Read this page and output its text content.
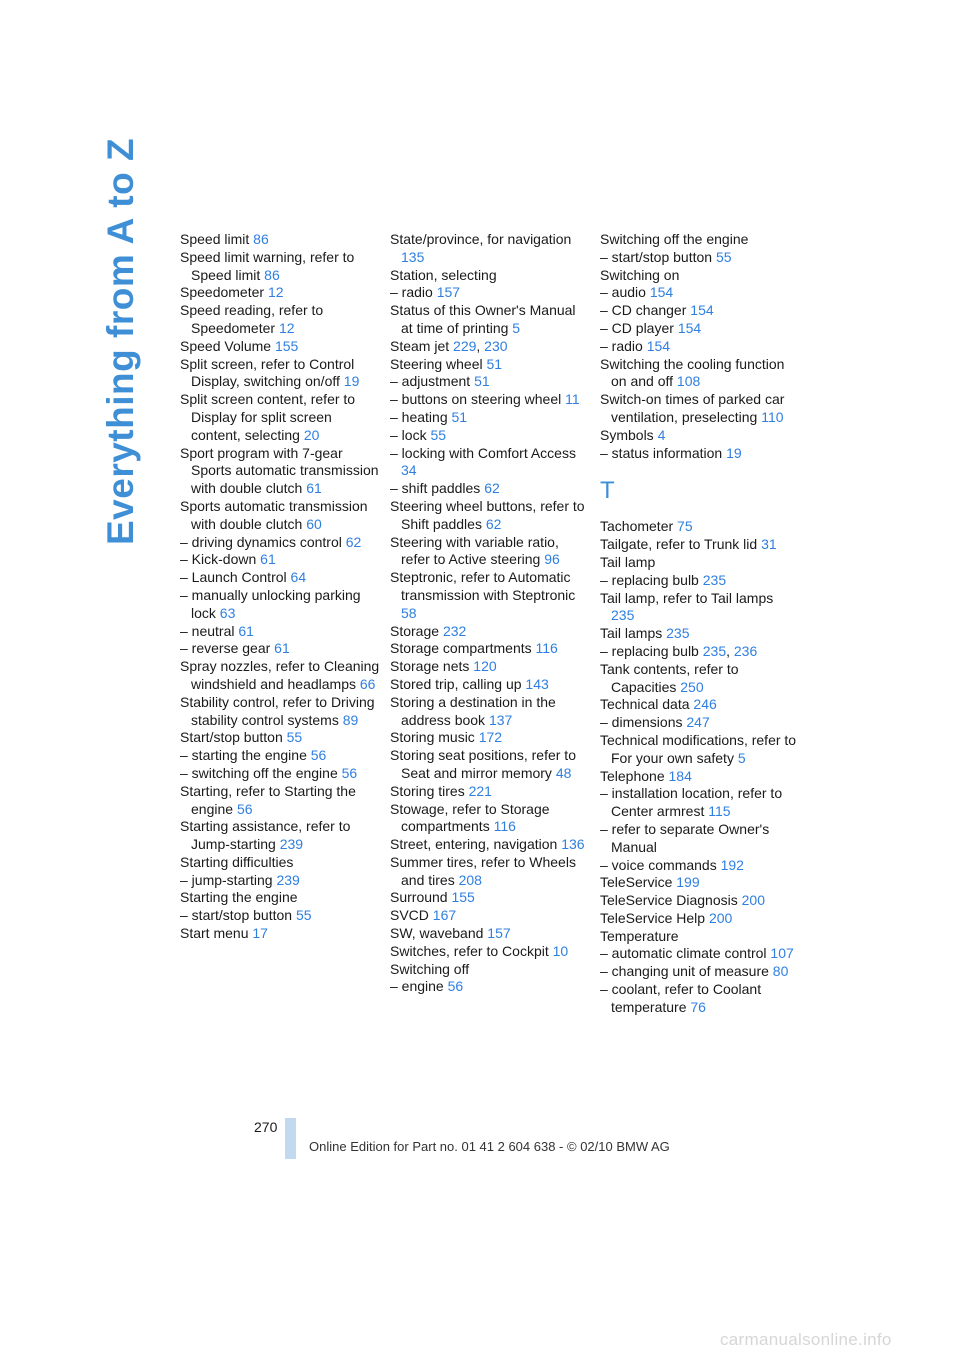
Everything from A to Z	Speed limit 86
Speed limit warning, refer to Speed limit 86
Speedometer 12
Speed reading, refer to Speedometer 12
Speed Volume 155
Split screen, refer to Control Display, switching on/off 19
Split screen content, refer to Display for split screen content, selecting 20
Sport program with 7-gear Sports automatic transmission with double clutch 61
Sports automatic transmission with double clutch 60
– driving dynamics control 62
– Kick-down 61
– Launch Control 64
– manually unlocking parking lock 63
– neutral 61
– reverse gear 61
Spray nozzles, refer to Cleaning windshield and headlamps 66
Stability control, refer to Driving stability control systems 89
Start/stop button 55
– starting the engine 56
– switching off the engine 56
Starting, refer to Starting the engine 56
Starting assistance, refer to Jump-starting 239
Starting difficulties
– jump-starting 239
Starting the engine
– start/stop button 55
Start menu 17
State/province, for navigation 135
Station, selecting
– radio 157
Status of this Owner's Manual at time of printing 5
Steam jet 229, 230
Steering wheel 51
– adjustment 51
– buttons on steering wheel 11
– heating 51
– lock 55
– locking with Comfort Access 34
– shift paddles 62
Steering wheel buttons, refer to Shift paddles 62
Steering with variable ratio, refer to Active steering 96
Steptronic, refer to Automatic transmission with Steptronic 58
Storage 232
Storage compartments 116
Storage nets 120
Stored trip, calling up 143
Storing a destination in the address book 137
Storing music 172
Storing seat positions, refer to Seat and mirror memory 48
Storing tires 221
Stowage, refer to Storage compartments 116
Street, entering, navigation 136
Summer tires, refer to Wheels and tires 208
Surround 155
SVCD 167
SW, waveband 157
Switches, refer to Cockpit 10
Switching off
– engine 56
Switching off the engine
– start/stop button 55
Switching on
– audio 154
– CD changer 154
– CD player 154
– radio 154
Switching the cooling function on and off 108
Switch-on times of parked car ventilation, preselecting 110
Symbols 4
– status information 19
T
Tachometer 75
Tailgate, refer to Trunk lid 31
Tail lamp
– replacing bulb 235
Tail lamp, refer to Tail lamps 235
Tail lamps 235
– replacing bulb 235, 236
Tank contents, refer to Capacities 250
Technical data 246
– dimensions 247
Technical modifications, refer to For your own safety 5
Telephone 184
– installation location, refer to Center armrest 115
– refer to separate Owner's Manual
– voice commands 192
TeleService 199
TeleService Diagnosis 200
TeleService Help 200
Temperature
– automatic climate control 107
– changing unit of measure 80
– coolant, refer to Coolant temperature 76
270
Online Edition for Part no. 01 41 2 604 638 - © 02/10 BMW AG
carmanualsonline.info
